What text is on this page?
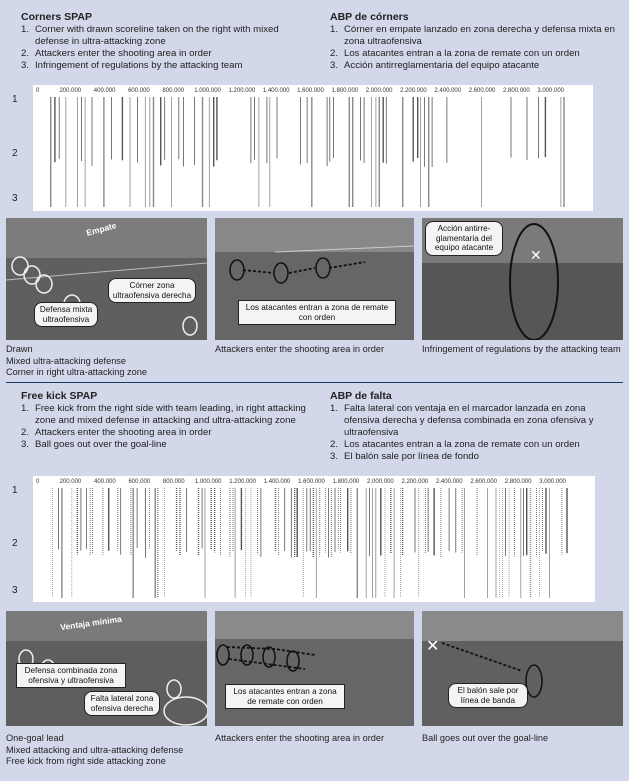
Corners SPAP
1. Corner with drawn scoreline taken on the right with mixed defense in ultra-attacking zone
2. Attackers enter the shooting area in order
3. Infringement of regulations by the attacking team
ABP de córners
1. Córner en empate lanzado en zona derecha y defensa mixta en zona ultraofensiva
2. Los atacantes entran a la zona de remate con un orden
3. Acción antirreglamentaria del equipo atacante
1
2
3
0	200.000 400.000 600.000 800.000 1.000.000 1.200.000 1.400.000 1.600.000 1.800.000 2.000.000 2.200.000 2.400.000 2.600.000 2.800.000 3.000.000
Empate
Córner zona ultraofensiva derecha
Defensa mixta ultraofensiva
Los atacantes entran a zona de remate con orden
✕
Acción antirre-glamentaria del equipo atacante
Drawn
Mixed ultra-attacking defense
Corner in right ultra-attacking zone
Attackers enter the shooting area in order	Infringement of regulations by the attacking team
Free kick SPAP
1. Free kick from the right side with team leading, in right attacking zone and mixed defense in attacking and ultra-attacking zone
2. Attackers enter the shooting area in order
3. Ball goes out over the goal-line
ABP de falta
1. Falta lateral con ventaja en el marcador lanzada en zona ofensiva derecha y defensa combinada en zona ofensiva y ultraofensiva
2. Los atacantes entran a la zona de remate con un orden
3. El balón sale por línea de fondo
1
2
3
0	200.000 400.000 600.000 800.000 1.000.000 1.200.000 1.400.000 1.600.000 1.800.000 2.000.000 2.200.000 2.400.000 2.600.000 2.800.000 3.000.000
Ventaja mínima
Defensa combinada zona ofensiva y ultraofensiva
Falta lateral zona ofensiva derecha
Los atacantes entran a zona de remate con orden
✕
El balón sale por línea de banda
One-goal lead
Mixed attacking and ultra-attacking defense
Free kick from right side attacking zone
Attackers enter the shooting area in order	Ball goes out over the goal-line
